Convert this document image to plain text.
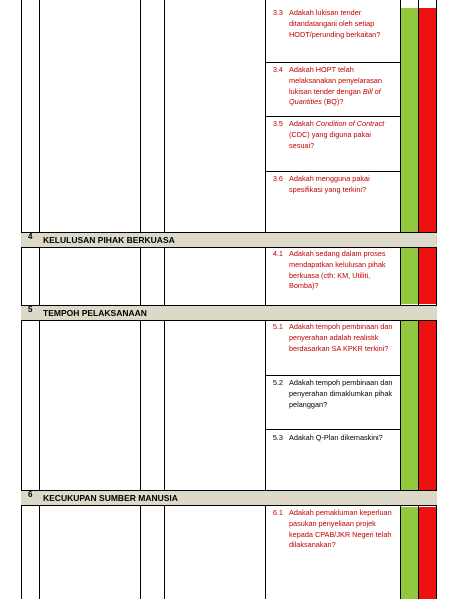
4 KELULUSAN PIHAK BERKUASA
5 TEMPOH PELAKSANAAN
6 KECUKUPAN SUMBER MANUSIA
3.3 Adakah lukisan tender ditandatangani oleh setiap HODT/perunding berkaitan?
3.4 Adakah HOPT telah melaksanakan penyelarasan lukisan tender dengan Bill of Quantities (BQ)?
3.5 Adakah Condition of Contract (CDC) yang diguna pakai sesuai?
3.6 Adakah mengguna pakai spesifikasi yang terkini?
4.1 Adakah sedang dalam proses mendapatkan kelulusan pihak berkuasa (cth: KM, Utiliti, Bomba)?
5.1 Adakah tempoh pembinaan dan penyerahan adalah realistik berdasarkan SA KPKR terkini?
5.2 Adakah tempoh pembinaan dan penyerahan dimaklumkan pihak pelanggan?
5.3 Adakah Q-Plan dikemaskini?
6.1 Adakah pemakluman keperluan pasukan penyeliaan projek kepada CPAB/JKR Negeri telah dilaksanakan?
